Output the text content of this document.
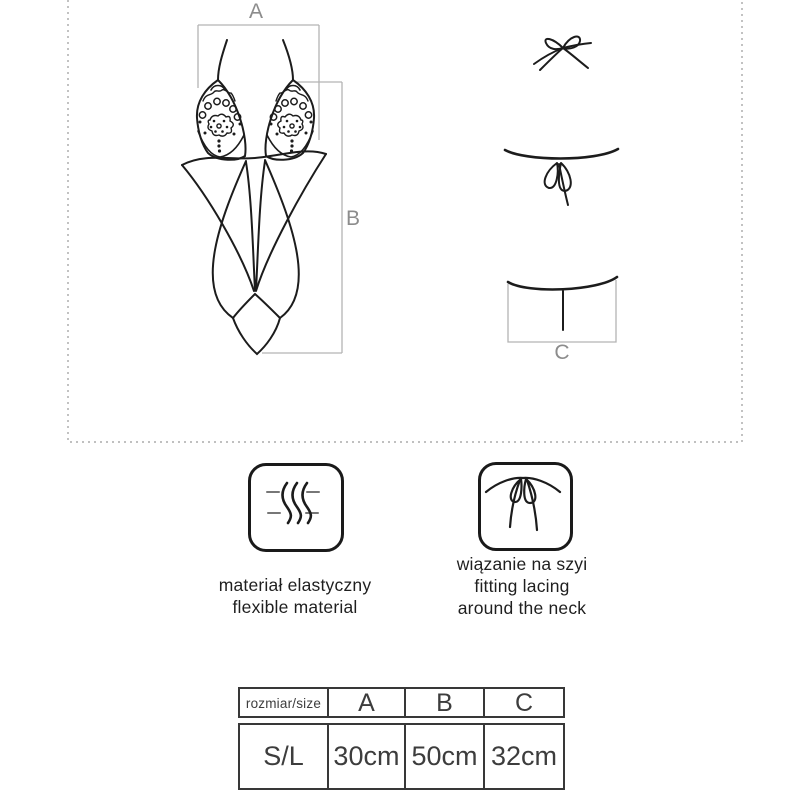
A
B
C
materiał elastyczny
flexible material
wiązanie na szyi
fitting lacing
around the neck
rozmiar/size	A	B	C
S/L	30cm 50cm 32cm
